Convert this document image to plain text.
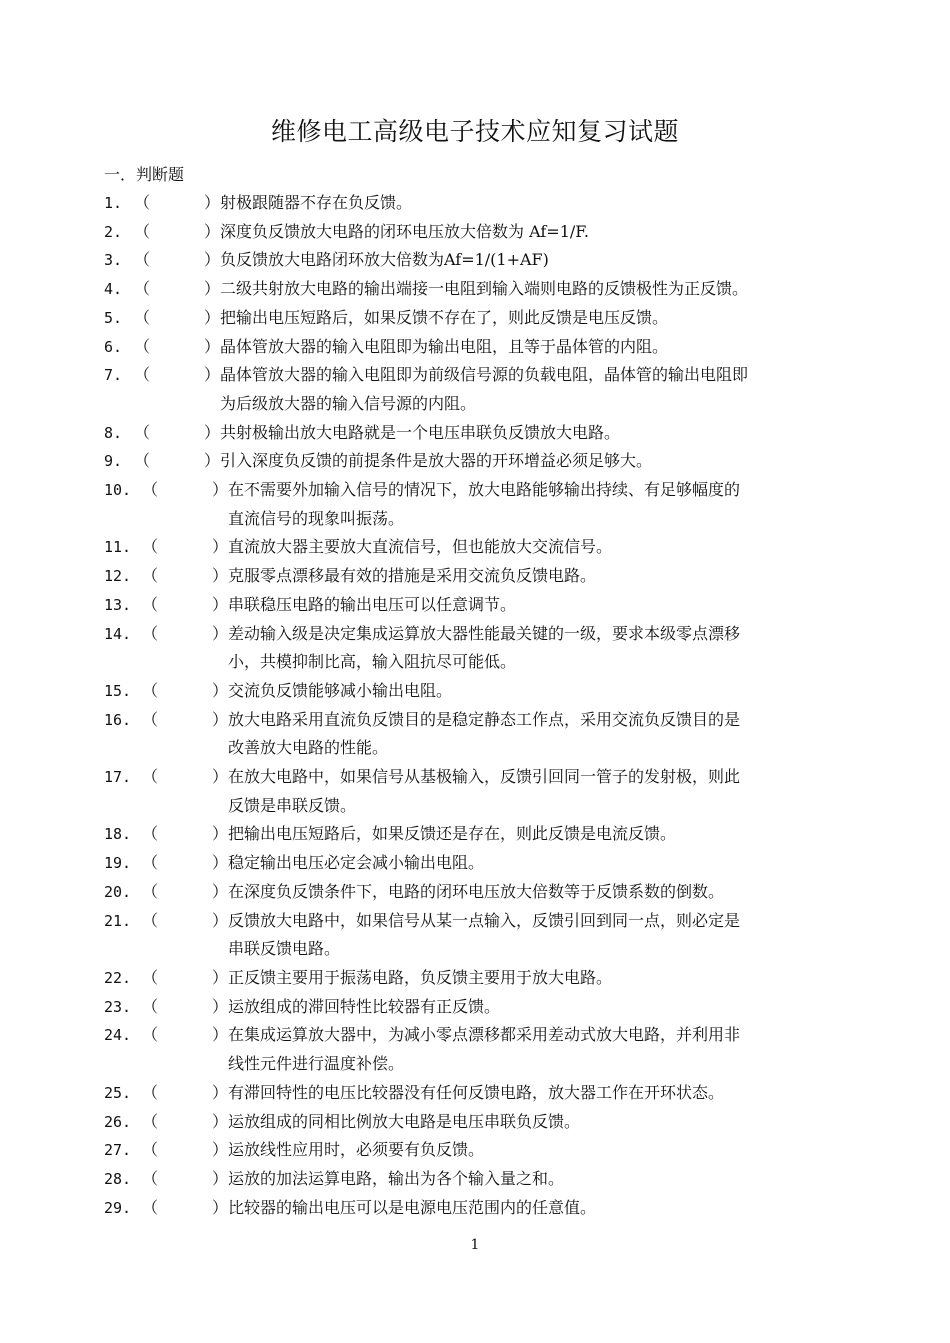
维修电工高级电子技术应知复习试题
一．判断题
1. （	） 射极跟随器不存在负反馈。
2. （	） 深度负反馈放大电路的闭环电压放大倍数为 Af=1/F.
3. （	） 负反馈放大电路闭环放大倍数为Af=1/(1+AF)
4. （	） 二级共射放大电路的输出端接一电阻到输入端则电路的反馈极性为正反馈。
5. （	） 把输出电压短路后，如果反馈不存在了，则此反馈是电压反馈。
6. （	） 晶体管放大器的输入电阻即为输出电阻，且等于晶体管的内阻。
7. （	） 晶体管放大器的输入电阻即为前级信号源的负载电阻，晶体管的输出电阻即
为后级放大器的输入信号源的内阻。
8. （	） 共射极输出放大电路就是一个电压串联负反馈放大电路。
9. （	） 引入深度负反馈的前提条件是放大器的开环增益必须足够大。
10. （	） 在不需要外加输入信号的情况下，放大电路能够输出持续、有足够幅度的
直流信号的现象叫振荡。
11. （	） 直流放大器主要放大直流信号，但也能放大交流信号。
12. （	） 克服零点漂移最有效的措施是采用交流负反馈电路。
13. （	） 串联稳压电路的输出电压可以任意调节。
14. （	） 差动输入级是决定集成运算放大器性能最关键的一级，要求本级零点漂移
小，共模抑制比高，输入阻抗尽可能低。
15. （	） 交流负反馈能够减小输出电阻。
16. （	） 放大电路采用直流负反馈目的是稳定静态工作点，采用交流负反馈目的是
改善放大电路的性能。
17. （	） 在放大电路中，如果信号从基极输入，反馈引回同一管子的发射极，则此
反馈是串联反馈。
18. （	） 把输出电压短路后，如果反馈还是存在，则此反馈是电流反馈。
19. （	） 稳定输出电压必定会减小输出电阻。
20. （	） 在深度负反馈条件下，电路的闭环电压放大倍数等于反馈系数的倒数。
21. （	） 反馈放大电路中，如果信号从某一点输入，反馈引回到同一点，则必定是
串联反馈电路。
22. （	） 正反馈主要用于振荡电路，负反馈主要用于放大电路。
23. （	） 运放组成的滞回特性比较器有正反馈。
24. （	） 在集成运算放大器中，为减小零点漂移都采用差动式放大电路，并利用非
线性元件进行温度补偿。
25. （	） 有滞回特性的电压比较器没有任何反馈电路，放大器工作在开环状态。
26. （	） 运放组成的同相比例放大电路是电压串联负反馈。
27. （	） 运放线性应用时，必须要有负反馈。
28. （	） 运放的加法运算电路，输出为各个输入量之和。
29. （	） 比较器的输出电压可以是电源电压范围内的任意值。
1
